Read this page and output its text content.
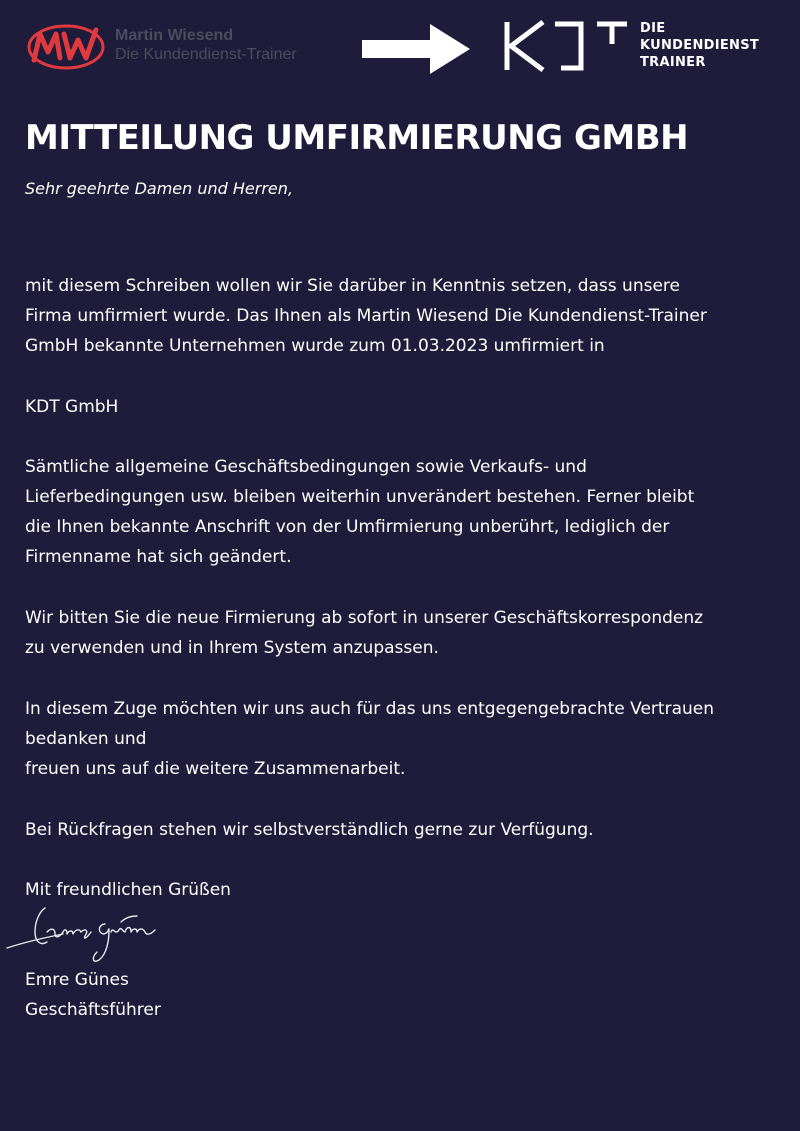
Martin Wiesend
Die Kundendienst-Trainer
DIE
KUNDENDIENST
TRAINER
MITTEILUNG UMFIRMIERUNG GMBH
Sehr geehrte Damen und Herren,

mit diesem Schreiben wollen wir Sie darüber in Kenntnis setzen, dass unsere
Firma umfirmiert wurde. Das Ihnen als Martin Wiesend Die Kundendienst-Trainer
GmbH bekannte Unternehmen wurde zum 01.03.2023 umfirmiert in

KDT GmbH

Sämtliche allgemeine Geschäftsbedingungen sowie Verkaufs- und
Lieferbedingungen usw. bleiben weiterhin unverändert bestehen. Ferner bleibt
die Ihnen bekannte Anschrift von der Umfirmierung unberührt, lediglich der
Firmenname hat sich geändert.

Wir bitten Sie die neue Firmierung ab sofort in unserer Geschäftskorrespondenz
zu verwenden und in Ihrem System anzupassen.

In diesem Zuge möchten wir uns auch für das uns entgegengebrachte Vertrauen
bedanken und
freuen uns auf die weitere Zusammenarbeit.

Bei Rückfragen stehen wir selbstverständlich gerne zur Verfügung.

Mit freundlichen Grüßen

Emre Günes
Geschäftsführer
